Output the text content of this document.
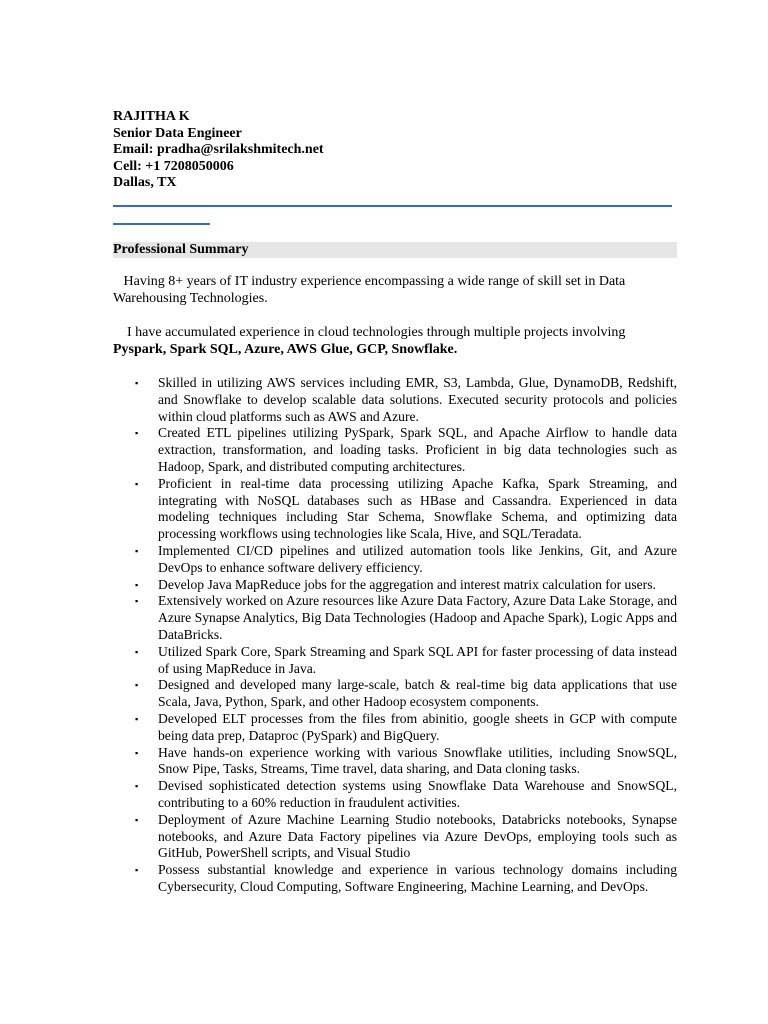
RAJITHA K
Senior Data Engineer
Email: pradha@srilakshmitech.net
Cell: +1 7208050006
Dallas, TX
Professional Summary
Having 8+ years of IT industry experience encompassing a wide range of skill set in Data Warehousing Technologies.
I have accumulated experience in cloud technologies through multiple projects involving Pyspark, Spark SQL, Azure, AWS Glue, GCP, Snowflake.
▪ Skilled in utilizing AWS services including EMR, S3, Lambda, Glue, DynamoDB, Redshift, and Snowflake to develop scalable data solutions. Executed security protocols and policies within cloud platforms such as AWS and Azure.
▪ Created ETL pipelines utilizing PySpark, Spark SQL, and Apache Airflow to handle data extraction, transformation, and loading tasks. Proficient in big data technologies such as Hadoop, Spark, and distributed computing architectures.
▪ Proficient in real-time data processing utilizing Apache Kafka, Spark Streaming, and integrating with NoSQL databases such as HBase and Cassandra. Experienced in data modeling techniques including Star Schema, Snowflake Schema, and optimizing data processing workflows using technologies like Scala, Hive, and SQL/Teradata.
▪ Implemented CI/CD pipelines and utilized automation tools like Jenkins, Git, and Azure DevOps to enhance software delivery efficiency.
▪ Develop Java MapReduce jobs for the aggregation and interest matrix calculation for users.
▪ Extensively worked on Azure resources like Azure Data Factory, Azure Data Lake Storage, and Azure Synapse Analytics, Big Data Technologies (Hadoop and Apache Spark), Logic Apps and DataBricks.
▪ Utilized Spark Core, Spark Streaming and Spark SQL API for faster processing of data instead of using MapReduce in Java.
▪ Designed and developed many large-scale, batch & real-time big data applications that use Scala, Java, Python, Spark, and other Hadoop ecosystem components.
▪ Developed ELT processes from the files from abinitio, google sheets in GCP with compute being data prep, Dataproc (PySpark) and BigQuery.
▪ Have hands-on experience working with various Snowflake utilities, including SnowSQL, Snow Pipe, Tasks, Streams, Time travel, data sharing, and Data cloning tasks.
▪ Devised sophisticated detection systems using Snowflake Data Warehouse and SnowSQL, contributing to a 60% reduction in fraudulent activities.
▪ Deployment of Azure Machine Learning Studio notebooks, Databricks notebooks, Synapse notebooks, and Azure Data Factory pipelines via Azure DevOps, employing tools such as GitHub, PowerShell scripts, and Visual Studio
▪ Possess substantial knowledge and experience in various technology domains including Cybersecurity, Cloud Computing, Software Engineering, Machine Learning, and DevOps.
